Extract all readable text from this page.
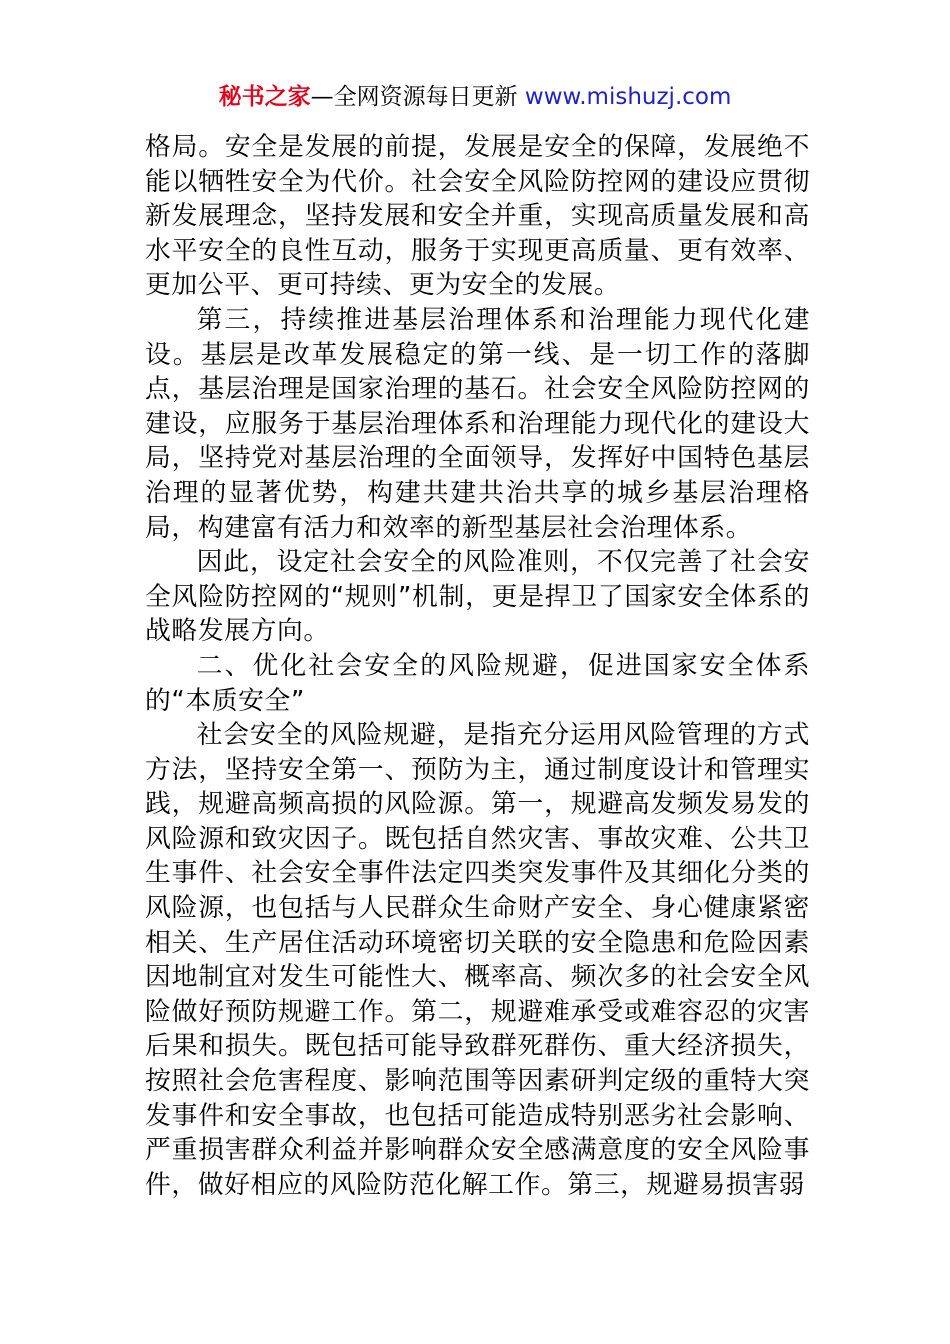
秘书之家—全网资源每日更新 www.mishuzj.com

格局。安全是发展的前提，发展是安全的保障，发展绝不能以牺牲安全为代价。社会安全风险防控网的建设应贯彻新发展理念，坚持发展和安全并重，实现高质量发展和高水平安全的良性互动，服务于实现更高质量、更有效率、更加公平、更可持续、更为安全的发展。

第三，持续推进基层治理体系和治理能力现代化建设。基层是改革发展稳定的第一线、是一切工作的落脚点，基层治理是国家治理的基石。社会安全风险防控网的建设，应服务于基层治理体系和治理能力现代化的建设大局，坚持党对基层治理的全面领导，发挥好中国特色基层治理的显著优势，构建共建共治共享的城乡基层治理格局，构建富有活力和效率的新型基层社会治理体系。

因此，设定社会安全的风险准则，不仅完善了社会安全风险防控网的“规则”机制，更是捍卫了国家安全体系的战略发展方向。

二、优化社会安全的风险规避，促进国家安全体系的“本质安全”

社会安全的风险规避，是指充分运用风险管理的方式方法，坚持安全第一、预防为主，通过制度设计和管理实践，规避高频高损的风险源。第一，规避高发频发易发的风险源和致灾因子。既包括自然灾害、事故灾难、公共卫生事件、社会安全事件法定四类突发事件及其细化分类的风险源，也包括与人民群众生命财产安全、身心健康紧密相关、生产居住活动环境密切关联的安全隐患和危险因素因地制宜对发生可能性大、概率高、频次多的社会安全风险做好预防规避工作。第二，规避难承受或难容忍的灾害后果和损失。既包括可能导致群死群伤、重大经济损失，按照社会危害程度、影响范围等因素研判定级的重特大突发事件和安全事故，也包括可能造成特别恶劣社会影响、严重损害群众利益并影响群众安全感满意度的安全风险事件，做好相应的风险防范化解工作。第三，规避易损害弱
